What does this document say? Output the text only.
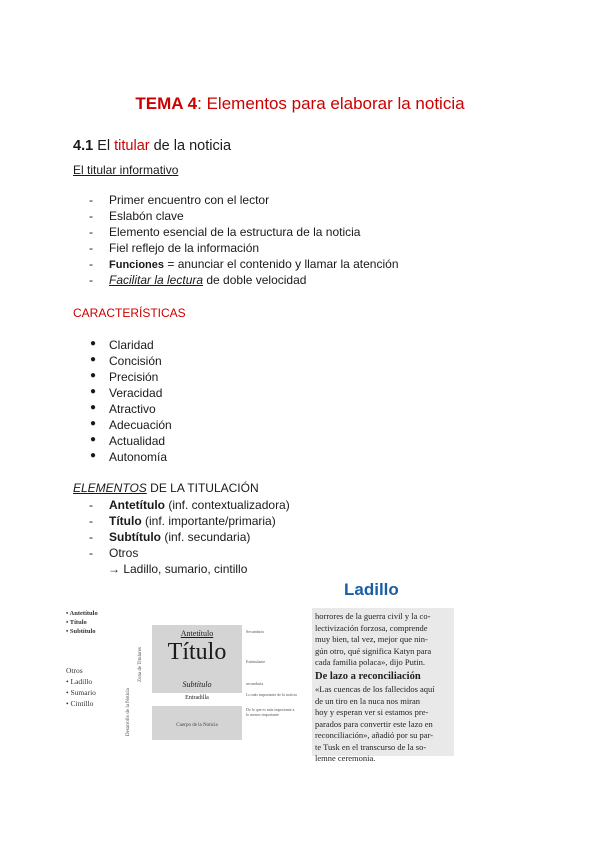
TEMA 4: Elementos para elaborar la noticia
4.1 El titular de la noticia
El titular informativo
- Primer encuentro con el lector
- Eslabón clave
- Elemento esencial de la estructura de la noticia
- Fiel reflejo de la información
- Funciones = anunciar el contenido y llamar la atención
- Facilitar la lectura de doble velocidad
CARACTERÍSTICAS
● Claridad
● Concisión
● Precisión
● Veracidad
● Atractivo
● Adecuación
● Actualidad
● Autonomía
ELEMENTOS DE LA TITULACIÓN
- Antetítulo (inf. contextualizadora)
- Título (inf. importante/primaria)
- Subtítulo (inf. secundaria)
- Otros
→ Ladillo, sumario, cintillo
• Antetítulo
• Título
• Subtítulo
Otros
• Ladillo
• Sumario
• Cintillo
Zona de Titulares
Desarrollo de la Noticia
Antetítulo
Título
Subtítulo
Entradilla
Cuerpo de la Noticia
Secundaria
Estimulante
secundaria
Lo más importante de la noticia
De lo que es más importante a lo menos importante
Ladillo
horrores de la guerra civil y la co-
lectivización forzosa, comprende
muy bien, tal vez, mejor que nin-
gún otro, qué significa Katyn para
cada familia polaca», dijo Putin.
De lazo a reconciliación
«Las cuencas de los fallecidos aquí
de un tiro en la nuca nos miran
hoy y esperan ver si estamos pre-
parados para convertir este lazo en
reconciliación», añadió por su par-
te Tusk en el transcurso de la so-
lemne ceremonia.
